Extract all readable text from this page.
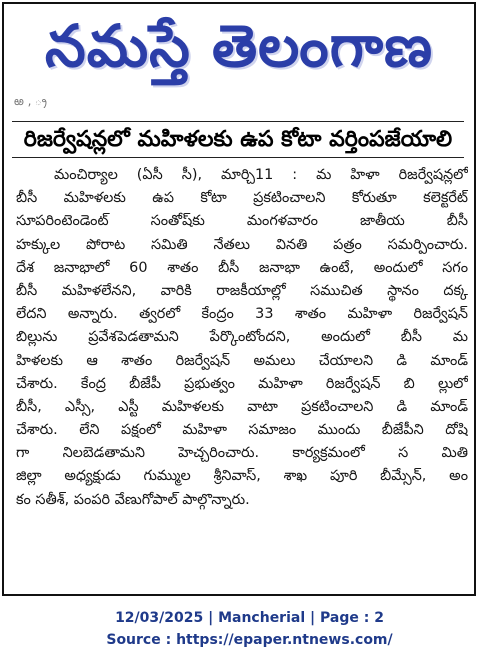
నమస్తే తెలంగాణ
ఱ , ్ర
రిజర్వేషన్లలో మహిళలకు ఉప కోటా వర్తింపజేయాలి
మంచిర్యాల (ఏసీ సీ), మార్చి11 : మ హిళా రిజర్వేషన్లలో
బీసీ మహిళలకు ఉప కోటా ప్రకటించాలని కోరుతూ కలెక్టరేట్
సూపరింటెండెంట్ సంతోష్‌కు మంగళవారం జాతీయ బీసీ
హక్కుల పోరాట సమితి నేతలు వినతి పత్రం సమర్పించారు.
దేశ జనాభాలో 60 శాతం బీసీ జనాభా ఉంటే, అందులో సగం
బీసీ మహిళలేనని, వారికి రాజకీయాల్లో సముచిత స్థానం దక్క
లేదని అన్నారు. త్వరలో కేంద్రం 33 శాతం మహిళా రిజర్వేషన్
బిల్లును ప్రవేశపెడతామని పేర్కొంటోందని, అందులో బీసీ మ
హిళలకు ఆ శాతం రిజర్వేషన్ అమలు చేయాలని డి మాండ్
చేశారు. కేంద్ర బీజేపీ ప్రభుత్వం మహిళా రిజర్వేషన్ బి ల్లులో
బీసీ, ఎస్సీ, ఎస్టీ మహిళలకు వాటా ప్రకటించాలని డి మాండ్
చేశారు. లేని పక్షంలో మహిళా సమాజం ముందు బీజేపీని దోషి
గా నిలబెడతామని హెచ్చరించారు. కార్యక్రమంలో స మితి
జిల్లా అధ్యక్షుడు గుమ్ముల శ్రీనివాస్, శాఖ పూరి బీమ్సేన్, అం
కం సతీశ్, పంపరి వేణుగోపాల్ పాల్గొన్నారు.
12/03/2025 | Mancherial | Page : 2
Source : https://epaper.ntnews.com/
